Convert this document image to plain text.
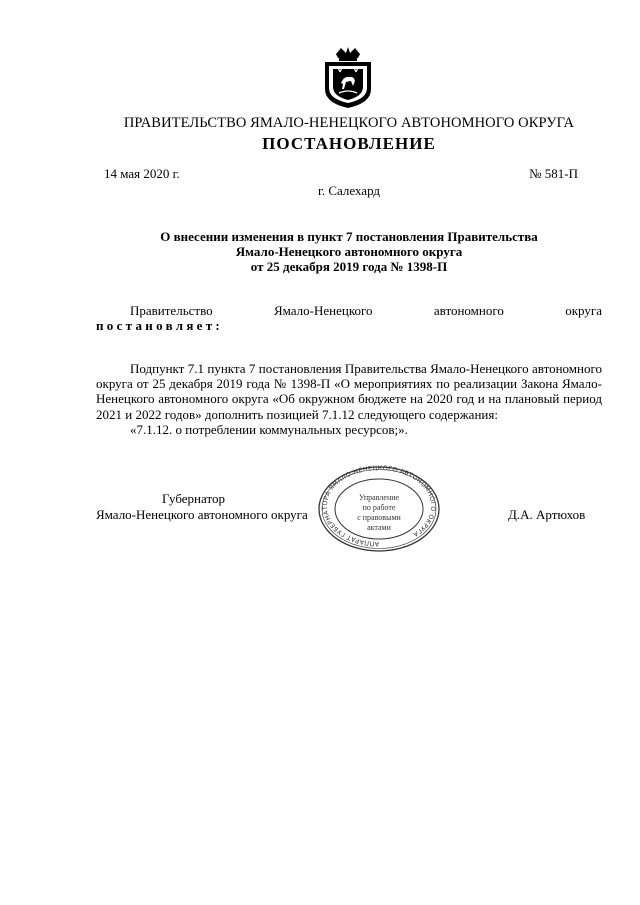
ПРАВИТЕЛЬСТВО ЯМАЛО-НЕНЕЦКОГО АВТОНОМНОГО ОКРУГА
ПОСТАНОВЛЕНИЕ
14 мая 2020 г.	№ 581-П
г. Салехард
О внесении изменения в пункт 7 постановления Правительства
Ямало-Ненецкого автономного округа
от 25 декабря 2019 года № 1398-П
Правительство	Ямало-Ненецкого	автономного	округа
постановляет:

Подпункт 7.1 пункта 7 постановления Правительства Ямало-Ненецкого автономного округа от 25 декабря 2019 года № 1398-П «О мероприятиях по реализации Закона Ямало-Ненецкого автономного округа «Об окружном бюджете на 2020 год и на плановый период 2021 и 2022 годов» дополнить позицией 7.1.12 следующего содержания:

«7.1.12. о потреблении коммунальных ресурсов;».

Губернатор
Ямало-Ненецкого автономного округа	Д.А. Артюхов
АППАРАТ ГУБЕРНАТОРА ЯМАЛО-НЕНЕЦКОГО АВТОНОМНОГО ОКРУГА
Управление
по работе
с правовыми
актами
